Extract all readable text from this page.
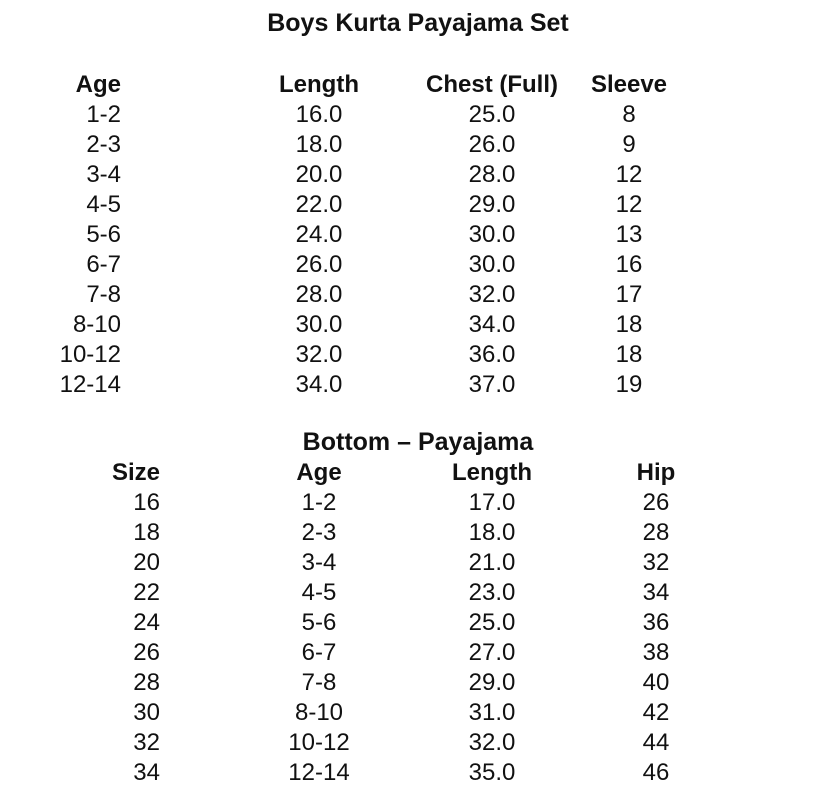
Boys Kurta Payajama Set
Age	Length	Chest (Full) Sleeve
1-2	16.0	25.0	8
2-3	18.0	26.0	9
3-4	20.0	28.0	12
4-5	22.0	29.0	12
5-6	24.0	30.0	13
6-7	26.0	30.0	16
7-8	28.0	32.0	17
8-10	30.0	34.0	18
10-12	32.0	36.0	18
12-14	34.0	37.0	19
Bottom – Payajama
Size	Age	Length	Hip
16	1-2	17.0	26
18	2-3	18.0	28
20	3-4	21.0	32
22	4-5	23.0	34
24	5-6	25.0	36
26	6-7	27.0	38
28	7-8	29.0	40
30	8-10	31.0	42
32	10-12	32.0	44
34	12-14	35.0	46
